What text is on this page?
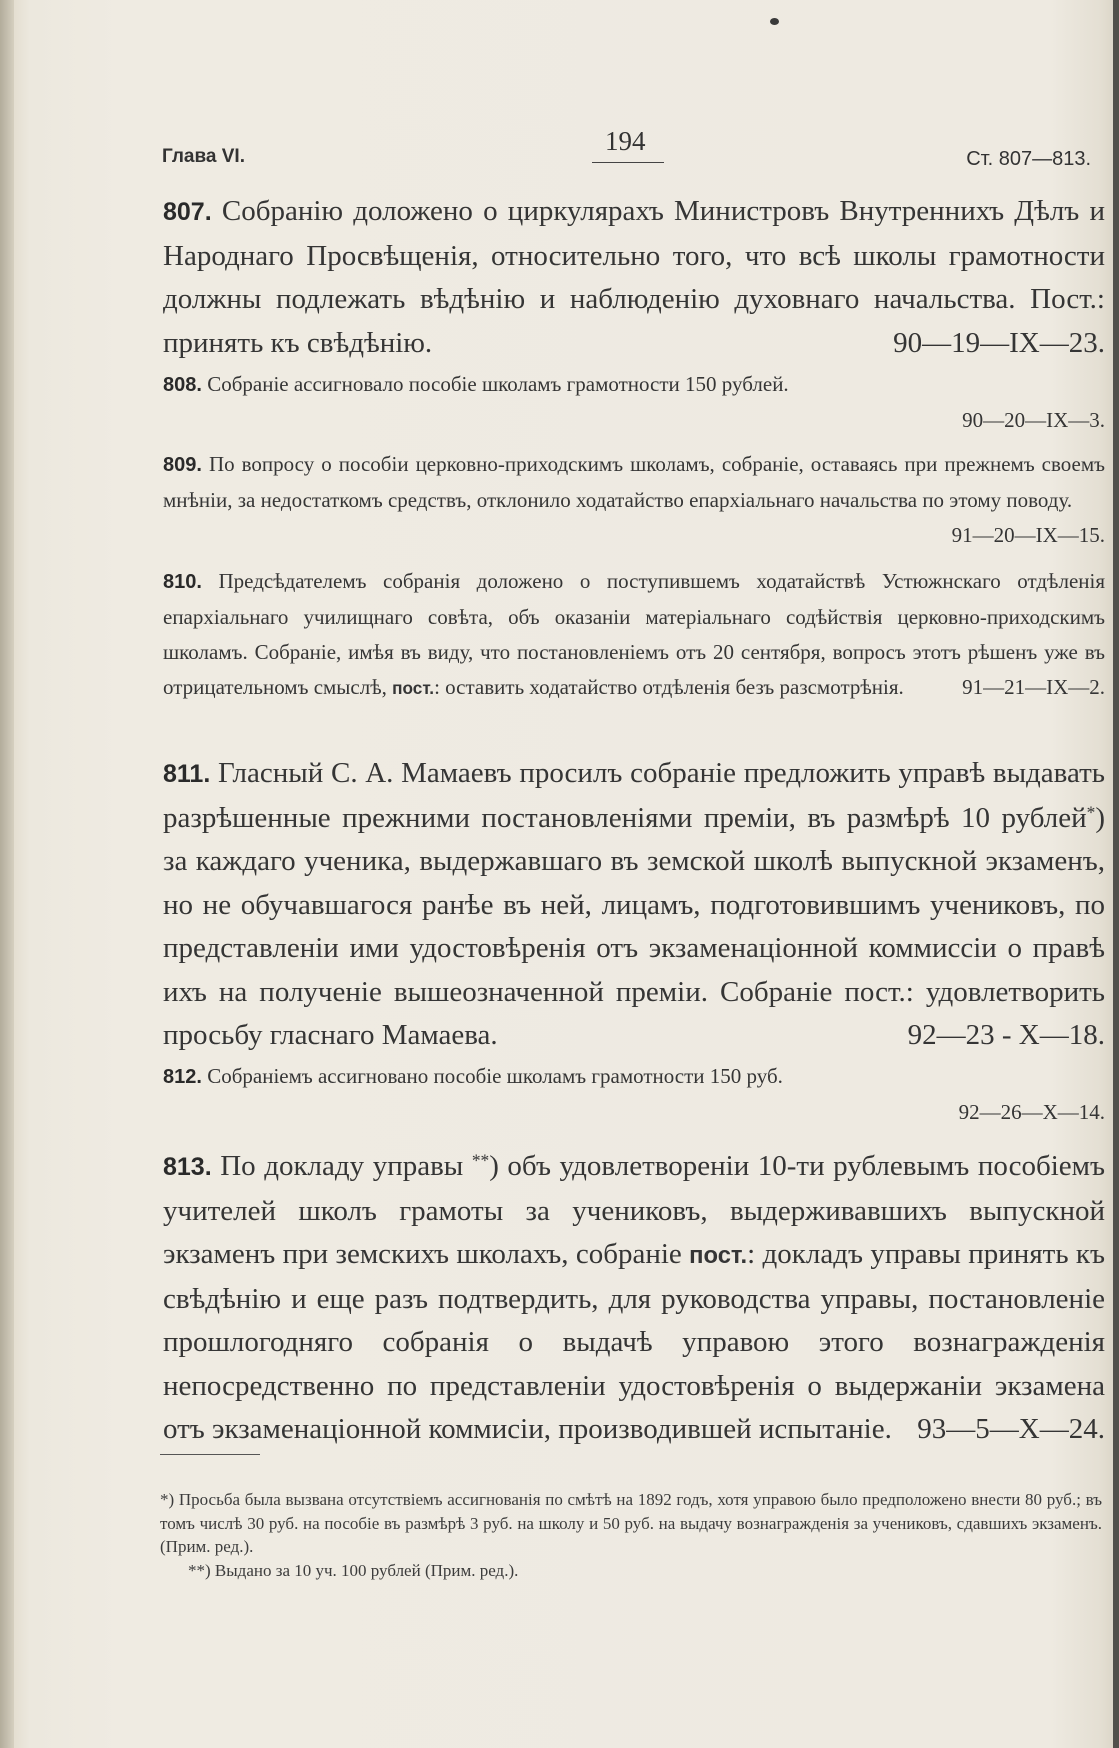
Глава VI.
194
Ст. 807—813.

807. Собранію доложено о циркулярахъ Министровъ Внутреннихъ Дѣлъ и Народнаго Просвѣщенія, относительно того, что всѣ школы грамотности должны подлежать вѣдѣнію и наблюденію духовнаго начальства. Пост.: принять къ свѣдѣнію.	90—19—IX—23.

808. Собраніе ассигновало пособіе школамъ грамотности 150 рублей.

90—20—IX—3.

809. По вопросу о пособіи церковно-приходскимъ школамъ, собраніе, оставаясь при прежнемъ своемъ мнѣніи, за недостаткомъ средствъ, отклонило ходатайство епархіальнаго начальства по этому поводу.
91—20—IX—15.

810. Предсѣдателемъ собранія доложено о поступившемъ ходатайствѣ Устюжнскаго отдѣленія епархіальнаго училищнаго совѣта, объ оказаніи матеріальнаго содѣйствія церковно-приходскимъ школамъ. Собраніе, имѣя въ виду, что постановленіемъ отъ 20 сентября, вопросъ этотъ рѣшенъ уже въ отрицательномъ смыслѣ, пост.: оставить ходатайство отдѣленія безъ разсмотрѣнія.	91—21—IX—2.

811. Гласный С. А. Мамаевъ просилъ собраніе предложить управѣ выдавать разрѣшенные прежними постановленіями преміи, въ размѣрѣ 10 рублей*) за каждаго ученика, выдержавшаго въ земской школѣ выпускной экзаменъ, но не обучавшагося ранѣе въ ней, лицамъ, подготовившимъ учениковъ, по представленіи ими удостовѣренія отъ экзаменаціонной коммиссіи о правѣ ихъ на полученіе вышеозначенной преміи. Собраніе пост.: удовлетворить просьбу гласнаго Мамаева.	92—23 - X—18.

812. Собраніемъ ассигновано пособіе школамъ грамотности 150 руб.

92—26—X—14.

813. По докладу управы **) объ удовлетвореніи 10-ти рублевымъ пособіемъ учителей школъ грамоты за учениковъ, выдерживавшихъ выпускной экзаменъ при земскихъ школахъ, собраніе пост.: докладъ управы принять къ свѣдѣнію и еще разъ подтвердить, для руководства управы, постановленіе прошлогодняго собранія о выдачѣ управою этого вознагражденія непосредственно по представленіи удостовѣренія о выдержаніи экзамена отъ экзаменаціонной коммисіи, производившей испытаніе. 93—5—X—24.

*) Просьба была вызвана отсутствіемъ ассигнованія по смѣтѣ на 1892 годъ, хотя управою было предположено внести 80 руб.; въ томъ числѣ 30 руб. на пособіе въ размѣрѣ 3 руб. на школу и 50 руб. на выдачу вознагражденія за учениковъ, сдавшихъ экзаменъ. (Прим. ред.).

**) Выдано за 10 уч. 100 рублей (Прим. ред.).
